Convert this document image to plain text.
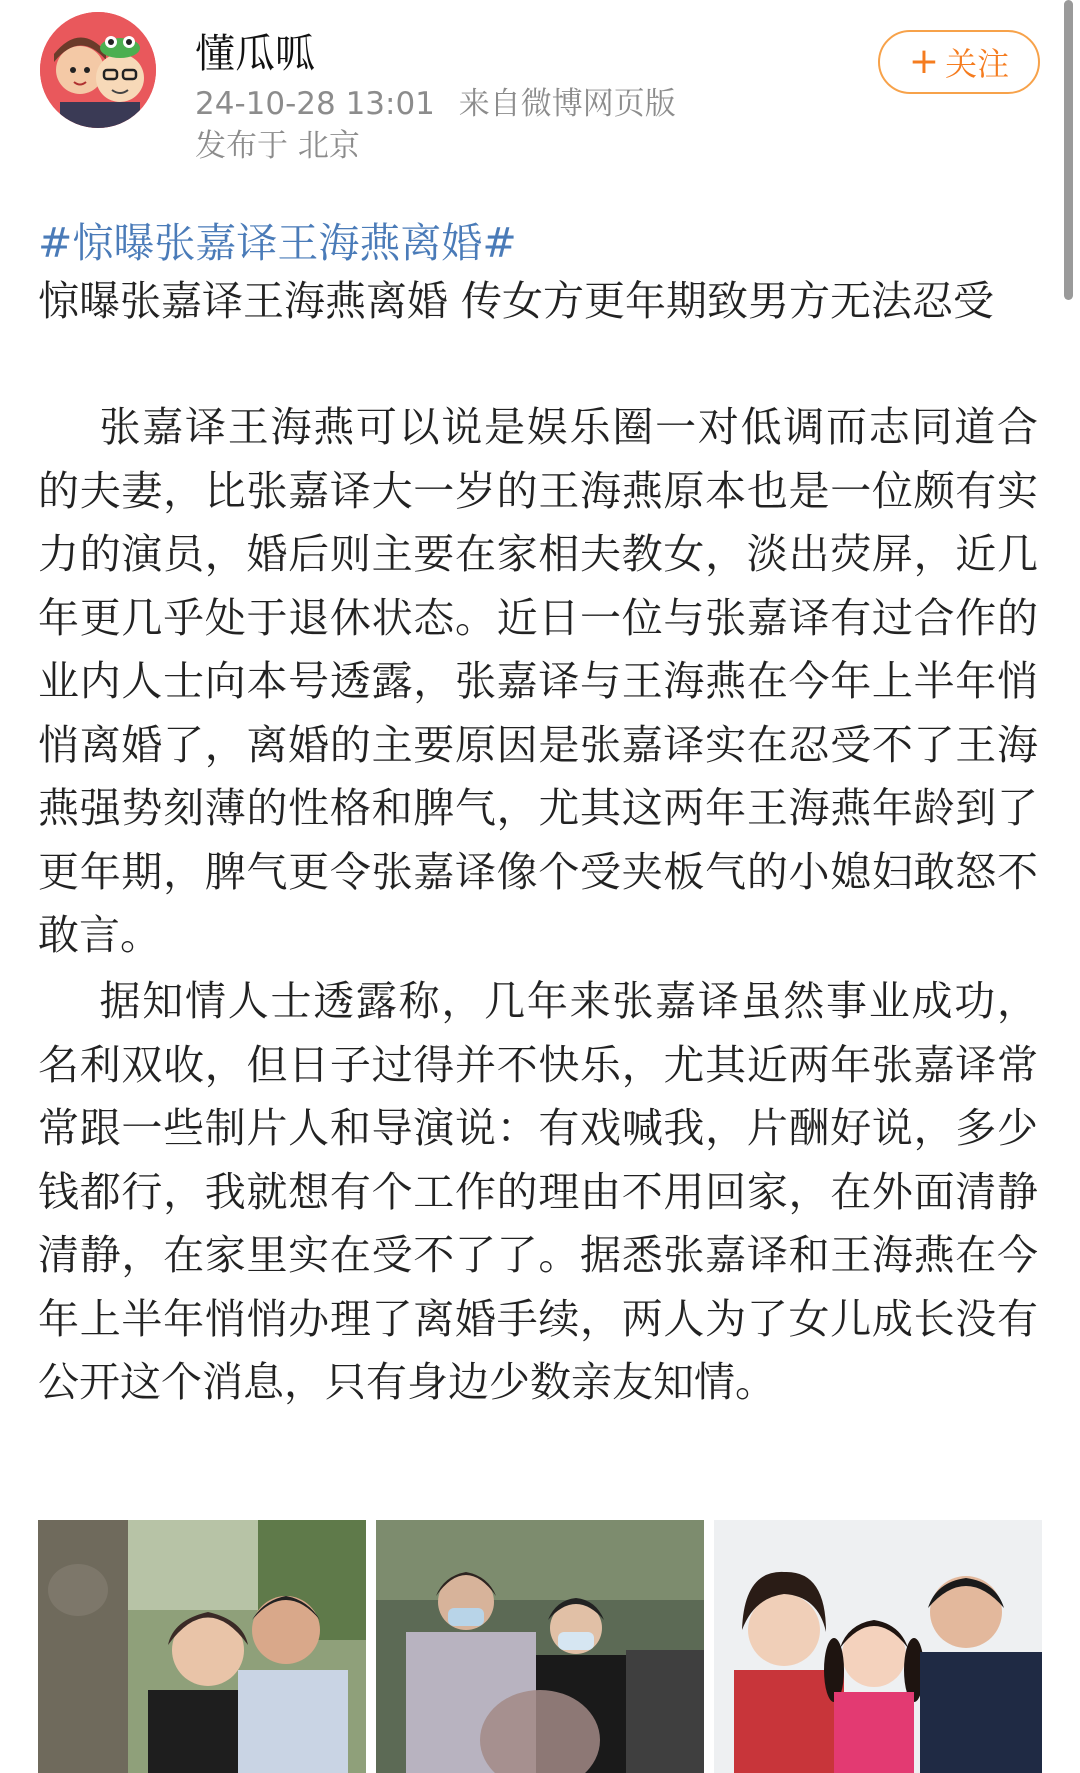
懂瓜呱
24-10-28 13:01 来自微博网页版
发布于 北京
+ 关注
#惊曝张嘉译王海燕离婚#
惊曝张嘉译王海燕离婚 传女方更年期致男方无法忍受
张嘉译王海燕可以说是娱乐圈一对低调而志同道合的夫妻，比张嘉译大一岁的王海燕原本也是一位颇有实力的演员，婚后则主要在家相夫教女，淡出荧屏，近几年更几乎处于退休状态。近日一位与张嘉译有过合作的业内人士向本号透露，张嘉译与王海燕在今年上半年悄悄离婚了，离婚的主要原因是张嘉译实在忍受不了王海燕强势刻薄的性格和脾气，尤其这两年王海燕年龄到了更年期，脾气更令张嘉译像个受夹板气的小媳妇敢怒不敢言。
据知情人士透露称，几年来张嘉译虽然事业成功，名利双收，但日子过得并不快乐，尤其近两年张嘉译常常跟一些制片人和导演说：有戏喊我，片酬好说，多少钱都行，我就想有个工作的理由不用回家，在外面清静清静，在家里实在受不了了。据悉张嘉译和王海燕在今年上半年悄悄办理了离婚手续，两人为了女儿成长没有公开这个消息，只有身边少数亲友知情。
